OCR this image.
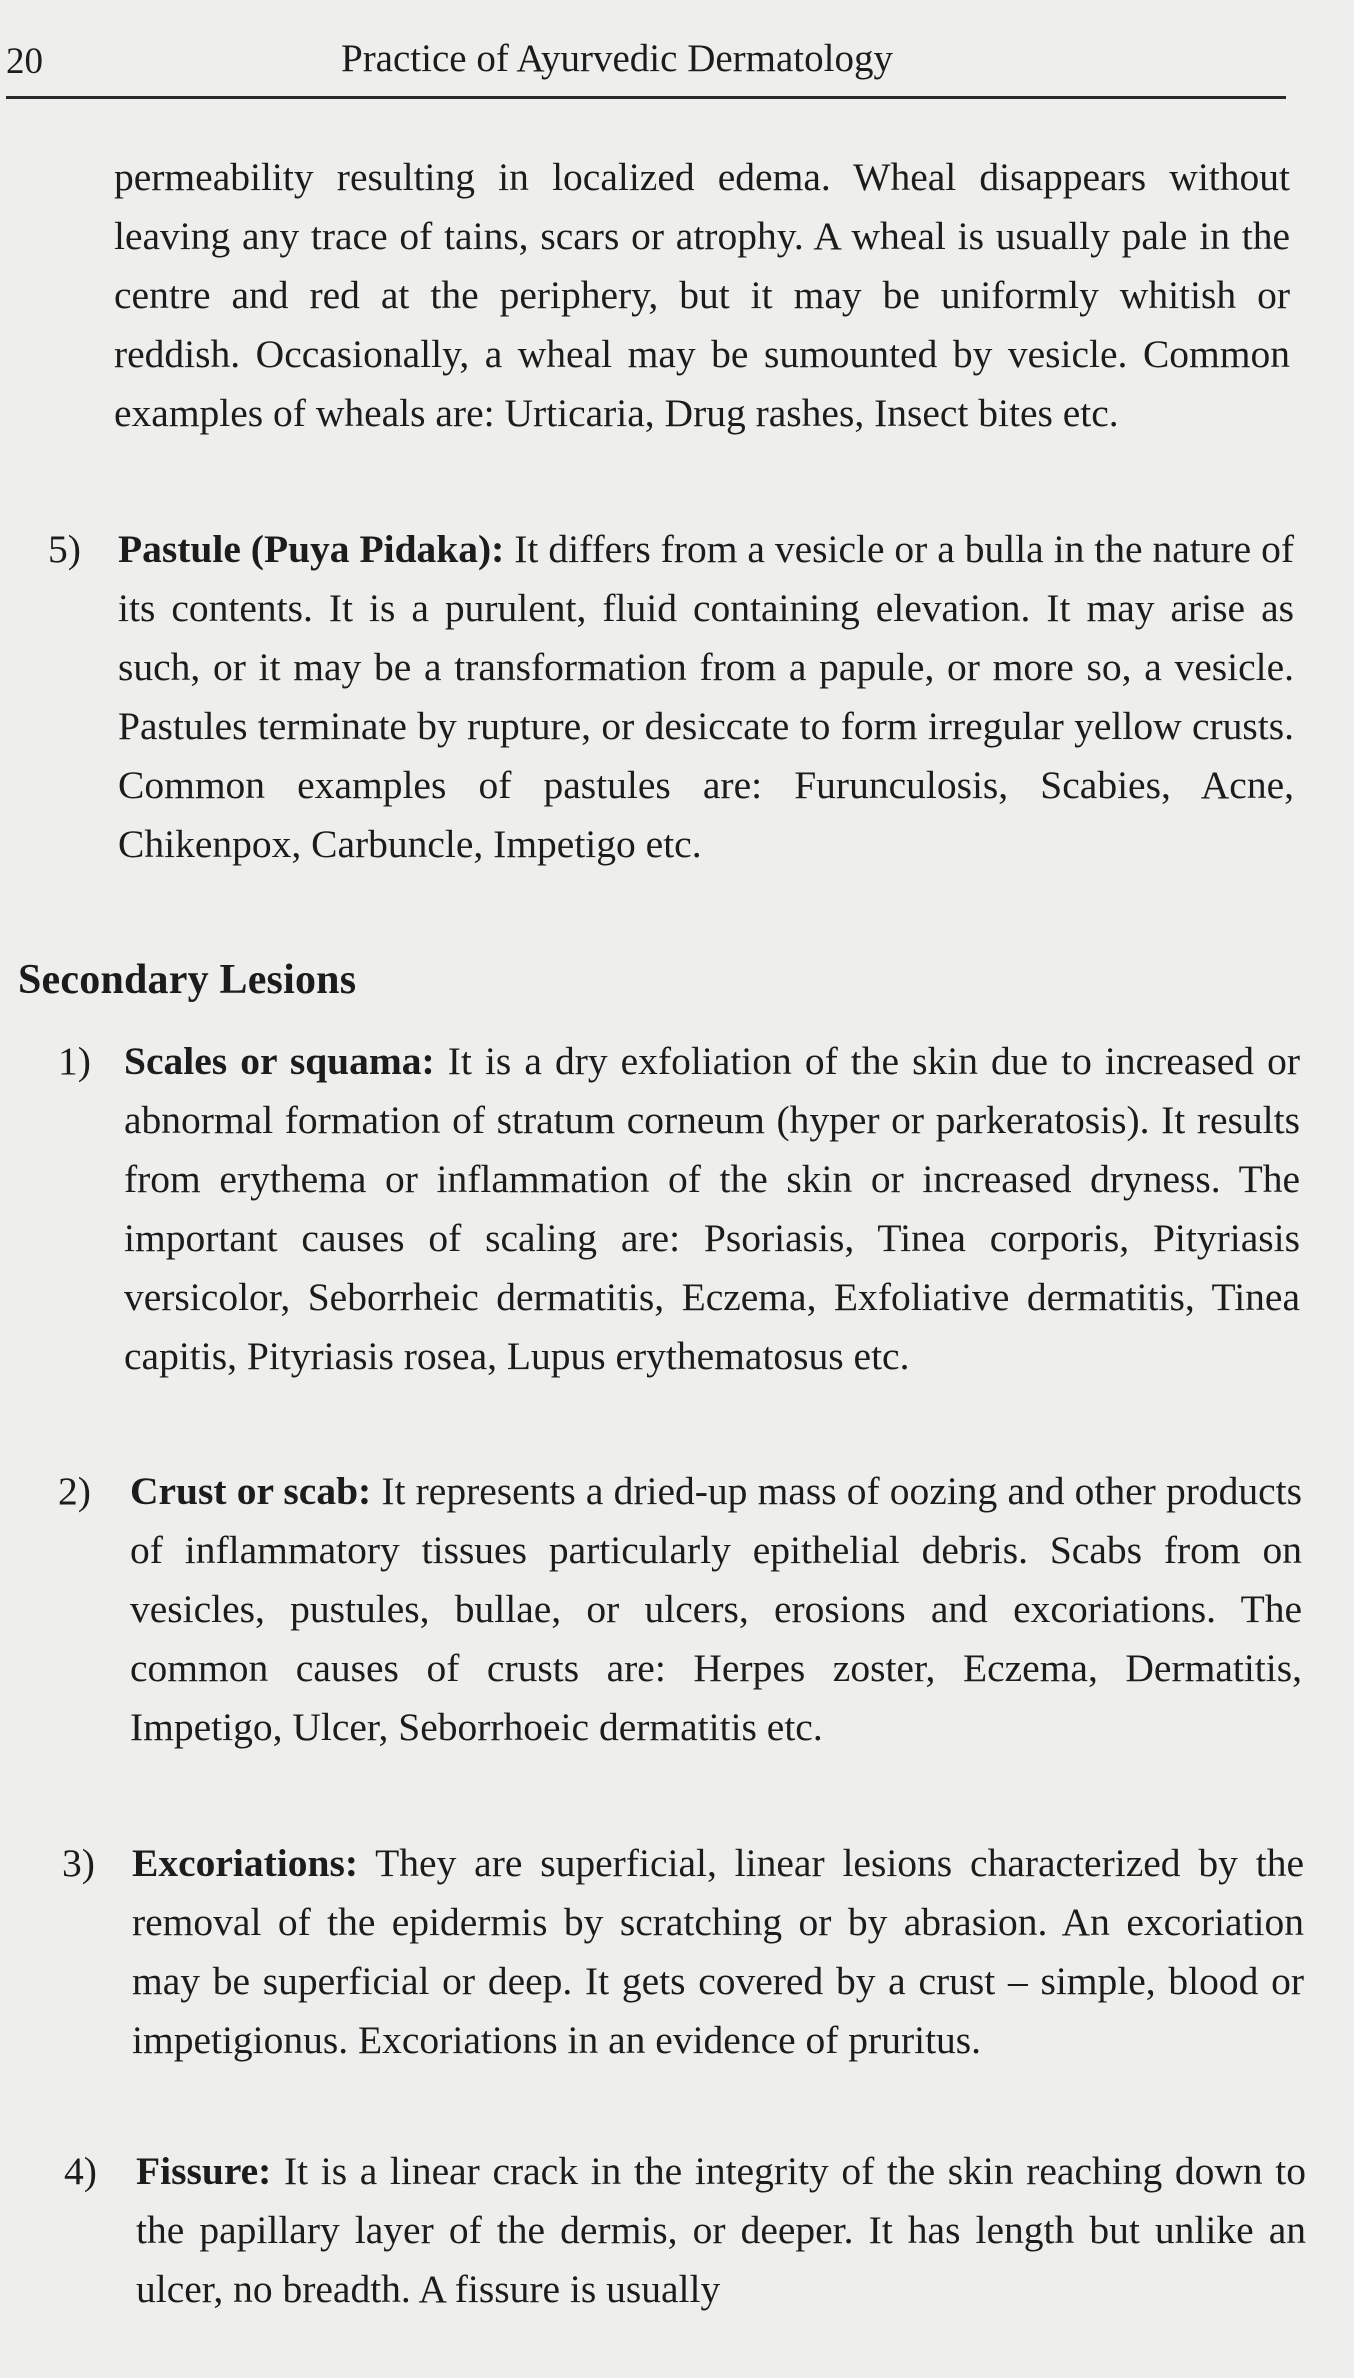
20	Practice of Ayurvedic Dermatology
permeability resulting in localized edema. Wheal disappears without leaving any trace of tains, scars or atrophy. A wheal is usually pale in the centre and red at the periphery, but it may be uniformly whitish or reddish. Occasionally, a wheal may be sumounted by vesicle. Common examples of wheals are: Urticaria, Drug rashes, Insect bites etc.
5) Pastule (Puya Pidaka): It differs from a vesicle or a bulla in the nature of its contents. It is a purulent, fluid containing elevation. It may arise as such, or it may be a transformation from a papule, or more so, a vesicle. Pastules terminate by rupture, or desiccate to form irregular yellow crusts. Common examples of pastules are: Furunculosis, Scabies, Acne, Chikenpox, Carbuncle, Impetigo etc.
Secondary Lesions
1) Scales or squama: It is a dry exfoliation of the skin due to increased or abnormal formation of stratum corneum (hyper or parkeratosis). It results from erythema or inflammation of the skin or increased dryness. The important causes of scaling are: Psoriasis, Tinea corporis, Pityriasis versicolor, Seborrheic dermatitis, Eczema, Exfoliative dermatitis, Tinea capitis, Pityriasis rosea, Lupus erythematosus etc.
2) Crust or scab: It represents a dried-up mass of oozing and other products of inflammatory tissues particularly epithelial debris. Scabs from on vesicles, pustules, bullae, or ulcers, erosions and excoriations. The common causes of crusts are: Herpes zoster, Eczema, Dermatitis, Impetigo, Ulcer, Seborrhoeic dermatitis etc.
3) Excoriations: They are superficial, linear lesions characterized by the removal of the epidermis by scratching or by abrasion. An excoriation may be superficial or deep. It gets covered by a crust – simple, blood or impetigionus. Excoriations in an evidence of pruritus.
4) Fissure: It is a linear crack in the integrity of the skin reaching down to the papillary layer of the dermis, or deeper. It has length but unlike an ulcer, no breadth. A fissure is usually
